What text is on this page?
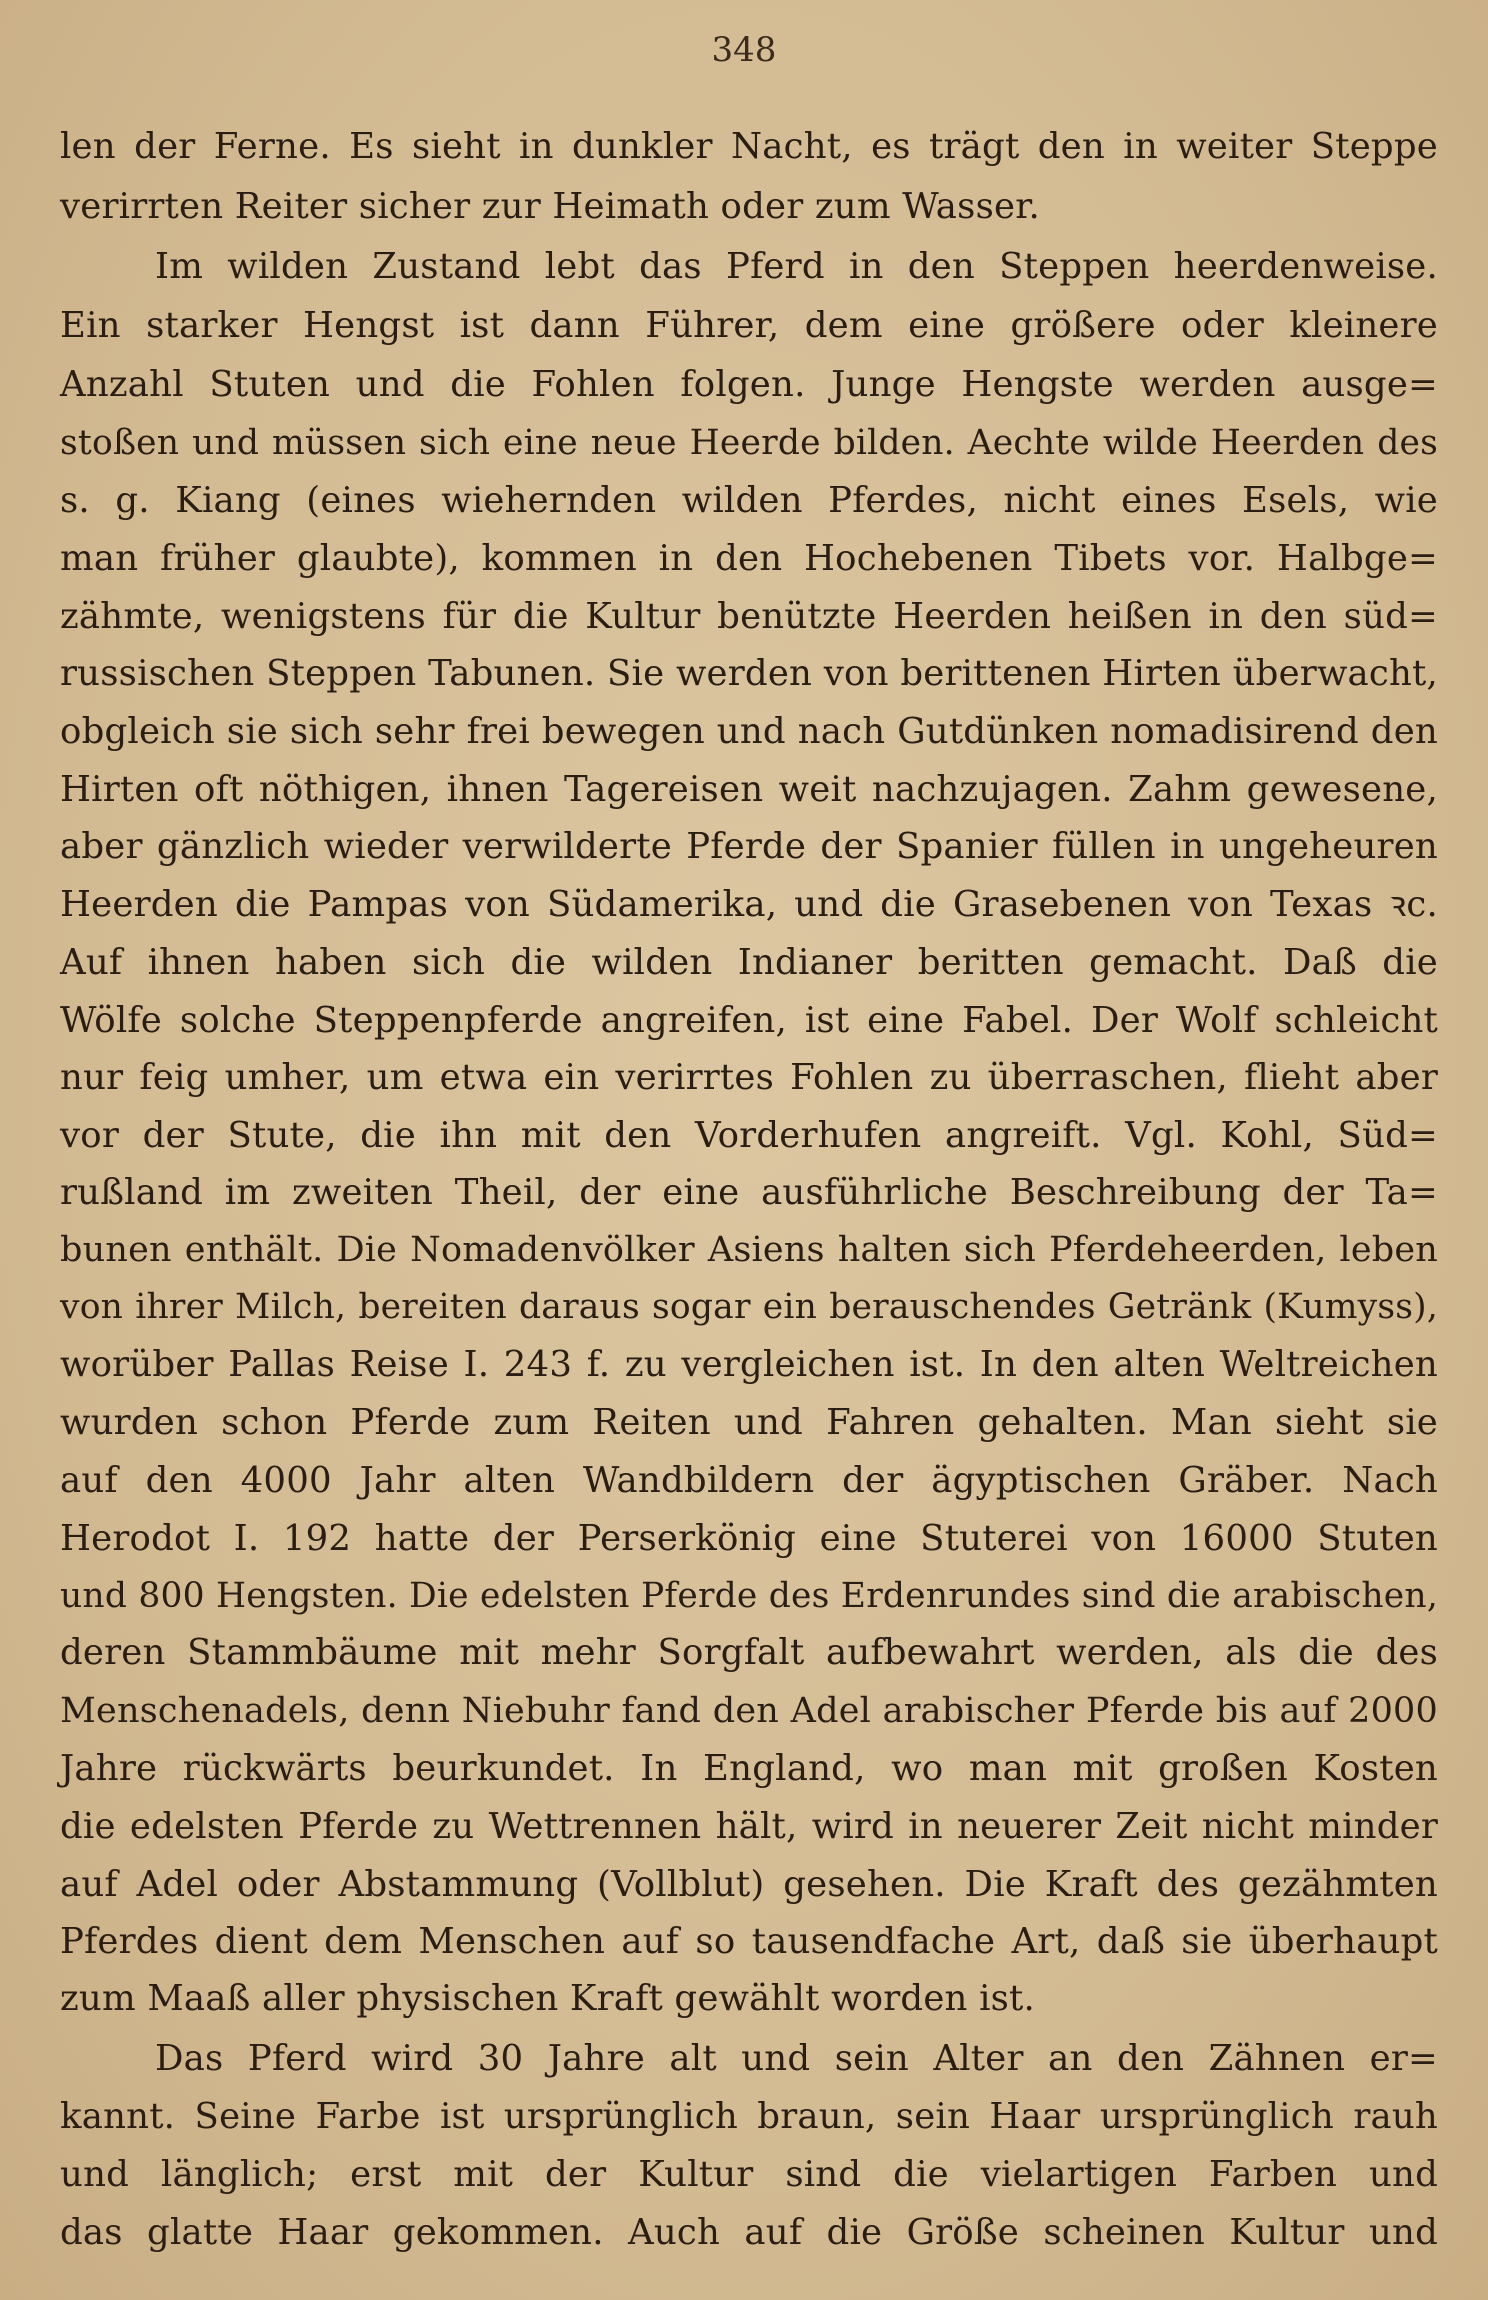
348
len der Ferne. Es sieht in dunkler Nacht, es trägt den in weiter Steppe
verirrten Reiter sicher zur Heimath oder zum Wasser.
Im wilden Zustand lebt das Pferd in den Steppen heerdenweise.
Ein starker Hengst ist dann Führer, dem eine größere oder kleinere
Anzahl Stuten und die Fohlen folgen. Junge Hengste werden ausge=
stoßen und müssen sich eine neue Heerde bilden. Aechte wilde Heerden des
s. g. Kiang (eines wiehernden wilden Pferdes, nicht eines Esels, wie
man früher glaubte), kommen in den Hochebenen Tibets vor. Halbge=
zähmte, wenigstens für die Kultur benützte Heerden heißen in den süd=
russischen Steppen Tabunen. Sie werden von berittenen Hirten überwacht,
obgleich sie sich sehr frei bewegen und nach Gutdünken nomadisirend den
Hirten oft nöthigen, ihnen Tagereisen weit nachzujagen. Zahm gewesene,
aber gänzlich wieder verwilderte Pferde der Spanier füllen in ungeheuren
Heerden die Pampas von Südamerika, und die Grasebenen von Texas ꝛc.
Auf ihnen haben sich die wilden Indianer beritten gemacht. Daß die
Wölfe solche Steppenpferde angreifen, ist eine Fabel. Der Wolf schleicht
nur feig umher, um etwa ein verirrtes Fohlen zu überraschen, flieht aber
vor der Stute, die ihn mit den Vorderhufen angreift. Vgl. Kohl, Süd=
rußland im zweiten Theil, der eine ausführliche Beschreibung der Ta=
bunen enthält. Die Nomadenvölker Asiens halten sich Pferdeheerden, leben
von ihrer Milch, bereiten daraus sogar ein berauschendes Getränk (Kumyss),
worüber Pallas Reise I. 243 f. zu vergleichen ist. In den alten Weltreichen
wurden schon Pferde zum Reiten und Fahren gehalten. Man sieht sie
auf den 4000 Jahr alten Wandbildern der ägyptischen Gräber. Nach
Herodot I. 192 hatte der Perserkönig eine Stuterei von 16000 Stuten
und 800 Hengsten. Die edelsten Pferde des Erdenrundes sind die arabischen,
deren Stammbäume mit mehr Sorgfalt aufbewahrt werden, als die des
Menschenadels, denn Niebuhr fand den Adel arabischer Pferde bis auf 2000
Jahre rückwärts beurkundet. In England, wo man mit großen Kosten
die edelsten Pferde zu Wettrennen hält, wird in neuerer Zeit nicht minder
auf Adel oder Abstammung (Vollblut) gesehen. Die Kraft des gezähmten
Pferdes dient dem Menschen auf so tausendfache Art, daß sie überhaupt
zum Maaß aller physischen Kraft gewählt worden ist.
Das Pferd wird 30 Jahre alt und sein Alter an den Zähnen er=
kannt. Seine Farbe ist ursprünglich braun, sein Haar ursprünglich rauh
und länglich; erst mit der Kultur sind die vielartigen Farben und
das glatte Haar gekommen. Auch auf die Größe scheinen Kultur und
